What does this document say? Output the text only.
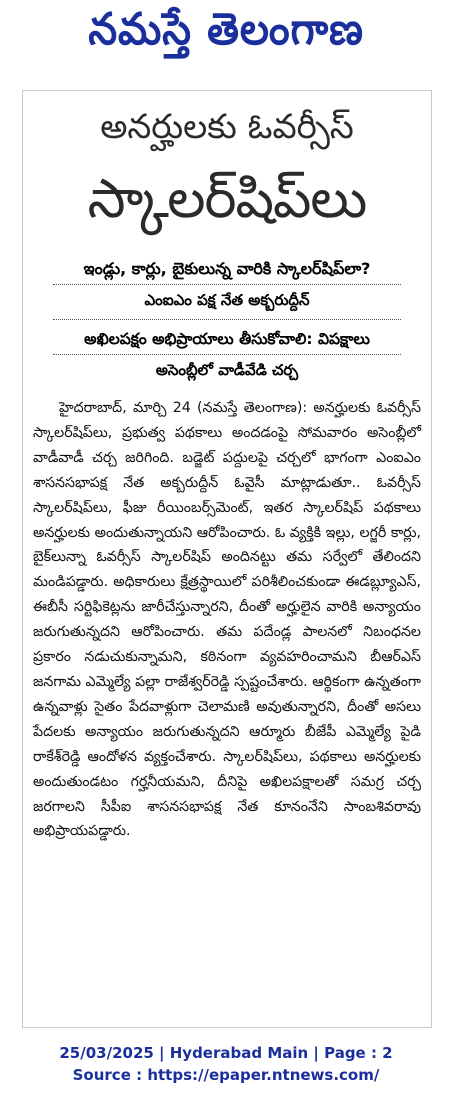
నమస్తే తెలంగాణ
అనర్హులకు ఓవర్సీస్
స్కాలర్‌షిప్‌లు
ఇండ్లు, కార్లు, బైకులున్న వారికి స్కాలర్‌షిప్‌లా?
ఎంఐఎం పక్ష నేత అక్బరుద్దీన్
అఖిలపక్షం అభిప్రాయాలు తీసుకోవాలి: విపక్షాలు
అసెంబ్లీలో వాడీవేడి చర్చ
హైదరాబాద్, మార్చి 24 (నమస్తే తెలంగాణ): అనర్హులకు ఓవర్సీస్ స్కాలర్‌షిప్‌లు, ప్రభుత్వ పథకాలు అందడంపై సోమవారం అసెంబ్లీలో వాడీవాడీ చర్చ జరిగింది. బడ్జెట్ పద్దులపై చర్చలో భాగంగా ఎంఐఎం శాసనసభాపక్ష నేత అక్బరుద్దీన్ ఓవైసీ మాట్లాడుతూ.. ఓవర్సీస్ స్కాలర్‌షిప్‌లు, ఫీజు రీయింబర్స్‌మెంట్, ఇతర స్కాలర్‌షిప్ పథకాలు అనర్హులకు అందుతున్నాయని ఆరోపించారు. ఓ వ్యక్తికి ఇల్లు, లగ్జరీ కార్లు, బైక్‌లున్నా ఓవర్సీస్ స్కాలర్‌షిప్ అందినట్టు తమ సర్వేలో తేలిందని మండిపడ్డారు. అధికారులు క్షేత్రస్థాయిలో పరిశీలించకుండా ఈడబ్ల్యూఎస్, ఈబీసీ సర్టిఫికెట్లను జారీచేస్తున్నారని, దీంతో అర్హులైన వారికి అన్యాయం జరుగుతున్నదని ఆరోపించారు. తమ పదేండ్ల పాలనలో నిబంధనల ప్రకారం నడుచుకున్నామని, కఠినంగా వ్యవహరించామని బీఆర్‌ఎస్ జనగామ ఎమ్మెల్యే పల్లా రాజేశ్వర్‌రెడ్డి స్పష్టంచేశారు. ఆర్థికంగా ఉన్నతంగా ఉన్నవాళ్లు సైతం పేదవాళ్లుగా చెలామణి అవుతున్నారని, దీంతో అసలు పేదలకు అన్యాయం జరుగుతున్నదని ఆర్మూరు బీజేపీ ఎమ్మెల్యే పైడి రాకేశ్‌రెడ్డి ఆందోళన వ్యక్తంచేశారు. స్కాలర్‌షిప్‌లు, పథకాలు అనర్హులకు అందుతుండటం గర్హనీయమని, దీనిపై అఖిలపక్షాలతో సమగ్ర చర్చ జరగాలని సీపీఐ శాసనసభాపక్ష నేత కూనంనేని సాంబశివరావు అభిప్రాయపడ్డారు.
25/03/2025 | Hyderabad Main | Page : 2
Source : https://epaper.ntnews.com/
